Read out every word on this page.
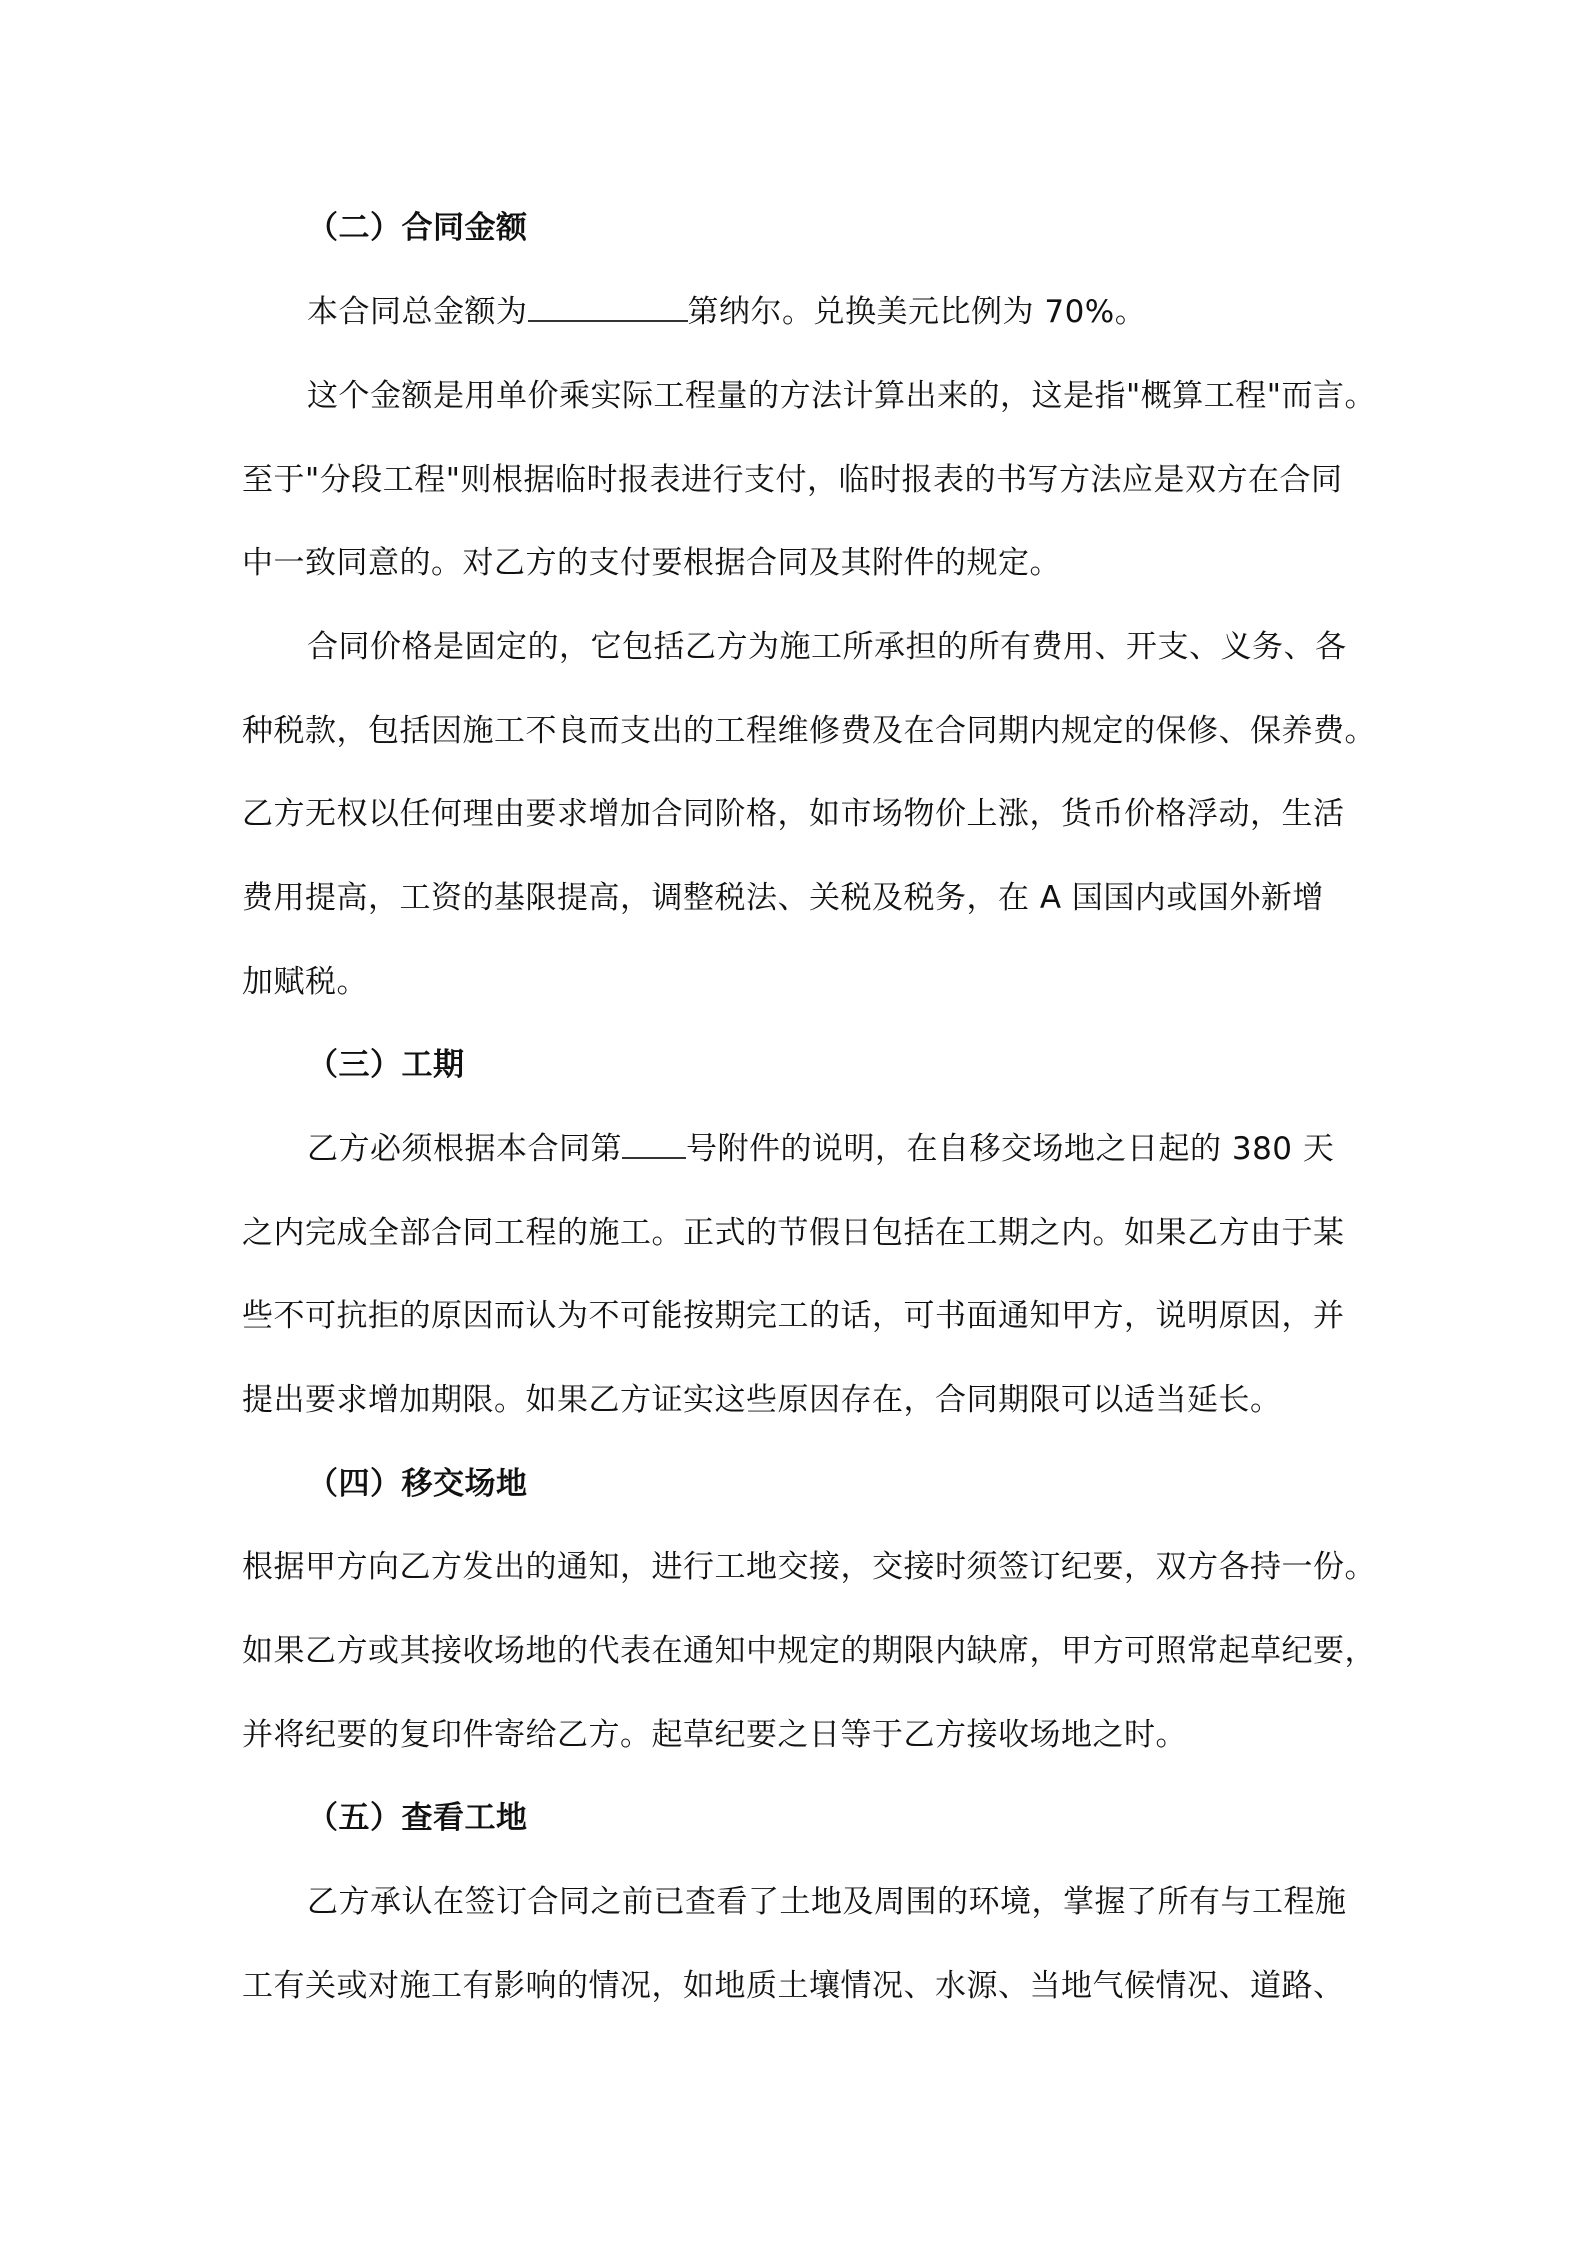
（二）合同金额
本合同总金额为	第纳尔。兑换美元比例为 70%。
这个金额是用单价乘实际工程量的方法计算出来的，这是指"概算工程"而言。
至于"分段工程"则根据临时报表进行支付，临时报表的书写方法应是双方在合同
中一致同意的。对乙方的支付要根据合同及其附件的规定。
合同价格是固定的，它包括乙方为施工所承担的所有费用、开支、义务、各
种税款，包括因施工不良而支出的工程维修费及在合同期内规定的保修、保养费。
乙方无权以任何理由要求增加合同阶格，如市场物价上涨，货币价格浮动，生活
费用提高，工资的基限提高，调整税法、关税及税务，在 A 国国内或国外新增
加赋税。
（三）工期
乙方必须根据本合同第 号附件的说明，在自移交场地之日起的 380 天
之内完成全部合同工程的施工。正式的节假日包括在工期之内。如果乙方由于某
些不可抗拒的原因而认为不可能按期完工的话，可书面通知甲方，说明原因，并
提出要求增加期限。如果乙方证实这些原因存在，合同期限可以适当延长。
（四）移交场地
根据甲方向乙方发出的通知，进行工地交接，交接时须签订纪要，双方各持一份。
如果乙方或其接收场地的代表在通知中规定的期限内缺席，甲方可照常起草纪要，
并将纪要的复印件寄给乙方。起草纪要之日等于乙方接收场地之时。
（五）查看工地
乙方承认在签订合同之前已查看了土地及周围的环境，掌握了所有与工程施
工有关或对施工有影响的情况，如地质土壤情况、水源、当地气候情况、道路、
